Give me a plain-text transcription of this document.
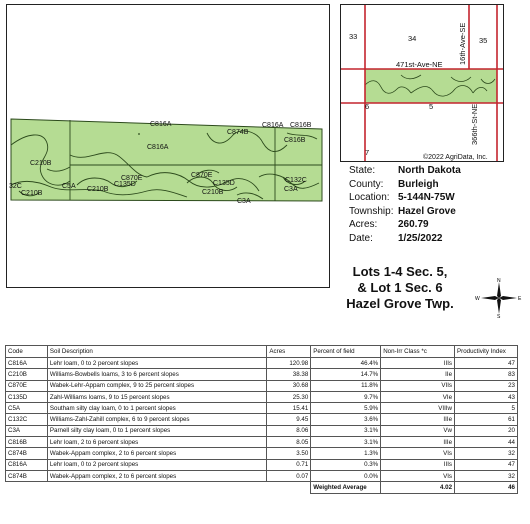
C816A
C874B
C816A C816B
C816B
C816A
C210B
C870E
C870E
C135D	C135D	C132C
32C
C210B
C5A C210B	C210B	C3A
C3A
33	34	35
6	5
7
471st-Ave-NE 16th-Ave-SE
366th-St-NE
©2022 AgriData, Inc.
State:	North Dakota
County:	Burleigh
Location: 5-144N-75W
Township: Hazel Grove
Acres:	260.79
Date:	1/25/2022
Lots 1-4 Sec. 5,
& Lot 1 Sec. 6
Hazel Grove Twp.
N
S
E
W
Code	Soil Description	Acres	Percent of field	Non-Irr Class *c	Productivity Index
C816A	Lehr loam, 0 to 2 percent slopes	120.98	46.4%	IIIs	47
C210B	Williams-Bowbells loams, 3 to 6 percent slopes	38.38	14.7%	IIe	83
C870E	Wabek-Lehr-Appam complex, 9 to 25 percent slopes	30.68	11.8%	VIIs	23
C135D	Zahl-Williams loams, 9 to 15 percent slopes	25.30	9.7%	VIe	43
C5A	Southam silty clay loam, 0 to 1 percent slopes	15.41	5.9%	VIIIw	5
C132C	Williams-Zahl-Zahill complex, 6 to 9 percent slopes	9.45	3.6%	IIIe	61
C3A	Parnell silty clay loam, 0 to 1 percent slopes	8.06	3.1%	Vw	20
C816B	Lehr loam, 2 to 6 percent slopes	8.05	3.1%	IIIe	44
C874B	Wabek-Appam complex, 2 to 6 percent slopes	3.50	1.3%	VIs	32
C816A	Lehr loam, 0 to 2 percent slopes	0.71	0.3%	IIIs	47
C874B	Wabek-Appam complex, 2 to 6 percent slopes	0.07	0.0%	VIs	32
			Weighted Average	4.02	46
